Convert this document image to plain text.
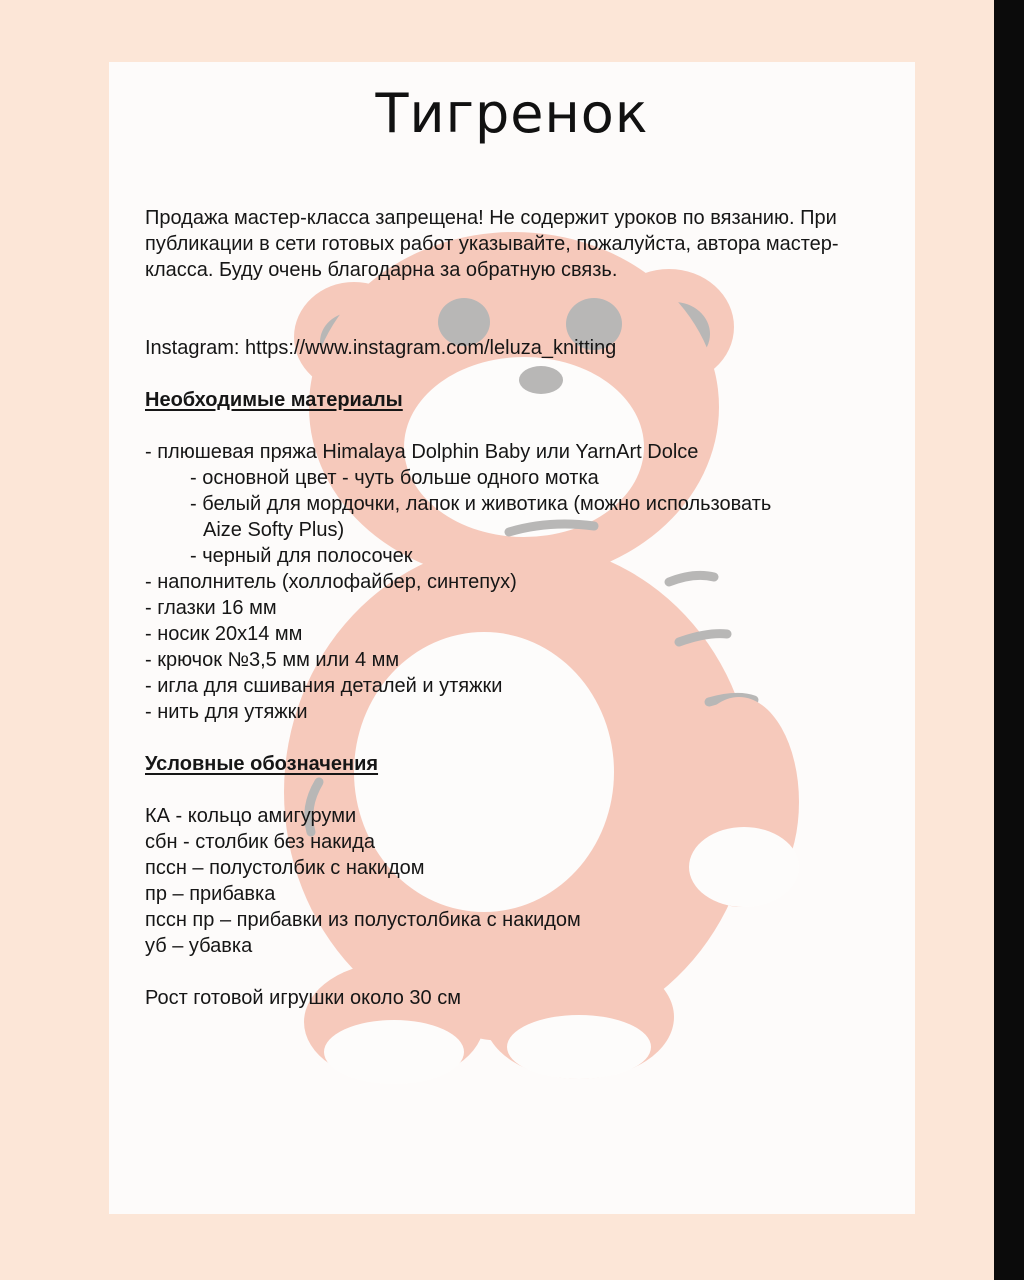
Тигренок

Продажа мастер-класса запрещена! Не содержит уроков по вязанию. При публикации в сети готовых работ указывайте, пожалуйста, автора мастер-класса. Буду очень благодарна за обратную связь.

Instagram: https://www.instagram.com/leluza_knitting

Необходимые материалы

- плюшевая пряжа Himalaya Dolphin Baby или YarnArt Dolce
- основной цвет - чуть больше одного мотка
- белый для мордочки, лапок и животика (можно использовать
Aize Softy Plus)
- черный для полосочек
- наполнитель (холлофайбер, синтепух)
- глазки 16 мм
- носик 20х14 мм
- крючок №3,5 мм или 4 мм
- игла для сшивания деталей и утяжки
- нить для утяжки

Условные обозначения

КА - кольцо амигуруми
сбн - столбик без накида
пссн – полустолбик с накидом
пр – прибавка
пссн пр – прибавки из полустолбика с накидом
уб – убавка

Рост готовой игрушки около 30 см
